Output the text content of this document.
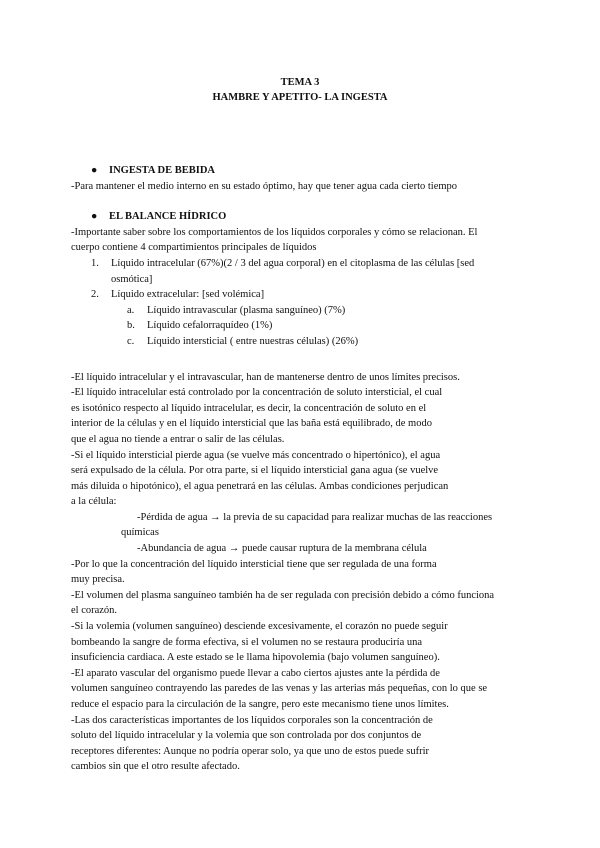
TEMA 3
HAMBRE Y APETITO- LA INGESTA
●	INGESTA DE BEBIDA

-Para mantener el medio interno en su estado óptimo, hay que tener agua cada cierto tiempo

●	EL BALANCE HÍDRICO

-Importante saber sobre los comportamientos de los líquidos corporales y cómo se relacionan. El

cuerpo contiene 4 compartimientos principales de líquidos

1.	Líquido intracelular (67%)(2 / 3 del agua corporal) en el citoplasma de las células [sed
osmótica]
2.	Líquido extracelular: [sed volémica]
a.	Líquido intravascular (plasma sanguíneo) (7%)
b.	Líquido cefalorraquídeo (1%)
c.	Líquido intersticial ( entre nuestras células) (26%)

-El líquido intracelular y el intravascular, han de mantenerse dentro de unos límites precisos.

-El líquido intracelular está controlado por la concentración de soluto intersticial, el cual

es isotónico respecto al líquido intracelular, es decir, la concentración de soluto en el

interior de la células y en el líquido intersticial que las baña está equilibrado, de modo

que el agua no tiende a entrar o salir de las células.

-Si el líquido intersticial pierde agua (se vuelve más concentrado o hipertónico), el agua

será expulsado de la célula. Por otra parte, si el líquido intersticial gana agua (se vuelve

más diluida o hipotónico), el agua penetrará en las células. Ambas condiciones perjudican

a la célula:

-Pérdida de agua → la previa de su capacidad para realizar muchas de las reacciones

químicas

-Abundancia de agua → puede causar ruptura de la membrana célula

-Por lo que la concentración del líquido intersticial tiene que ser regulada de una forma

muy precisa.

-El volumen del plasma sanguíneo también ha de ser regulada con precisión debido a cómo funciona

el corazón.

-Si la volemia (volumen sanguíneo) desciende excesivamente, el corazón no puede seguir

bombeando la sangre de forma efectiva, si el volumen no se restaura produciría una

insuficiencia cardiaca. A este estado se le llama hipovolemia (bajo volumen sanguíneo).

-El aparato vascular del organismo puede llevar a cabo ciertos ajustes ante la pérdida de

volumen sanguíneo contrayendo las paredes de las venas y las arterias más pequeñas, con lo que se

reduce el espacio para la circulación de la sangre, pero este mecanismo tiene unos límites.

-Las dos características importantes de los líquidos corporales son la concentración de

soluto del líquido intracelular y la volemia que son controlada por dos conjuntos de

receptores diferentes: Aunque no podría operar solo, ya que uno de estos puede sufrir

cambios sin que el otro resulte afectado.
